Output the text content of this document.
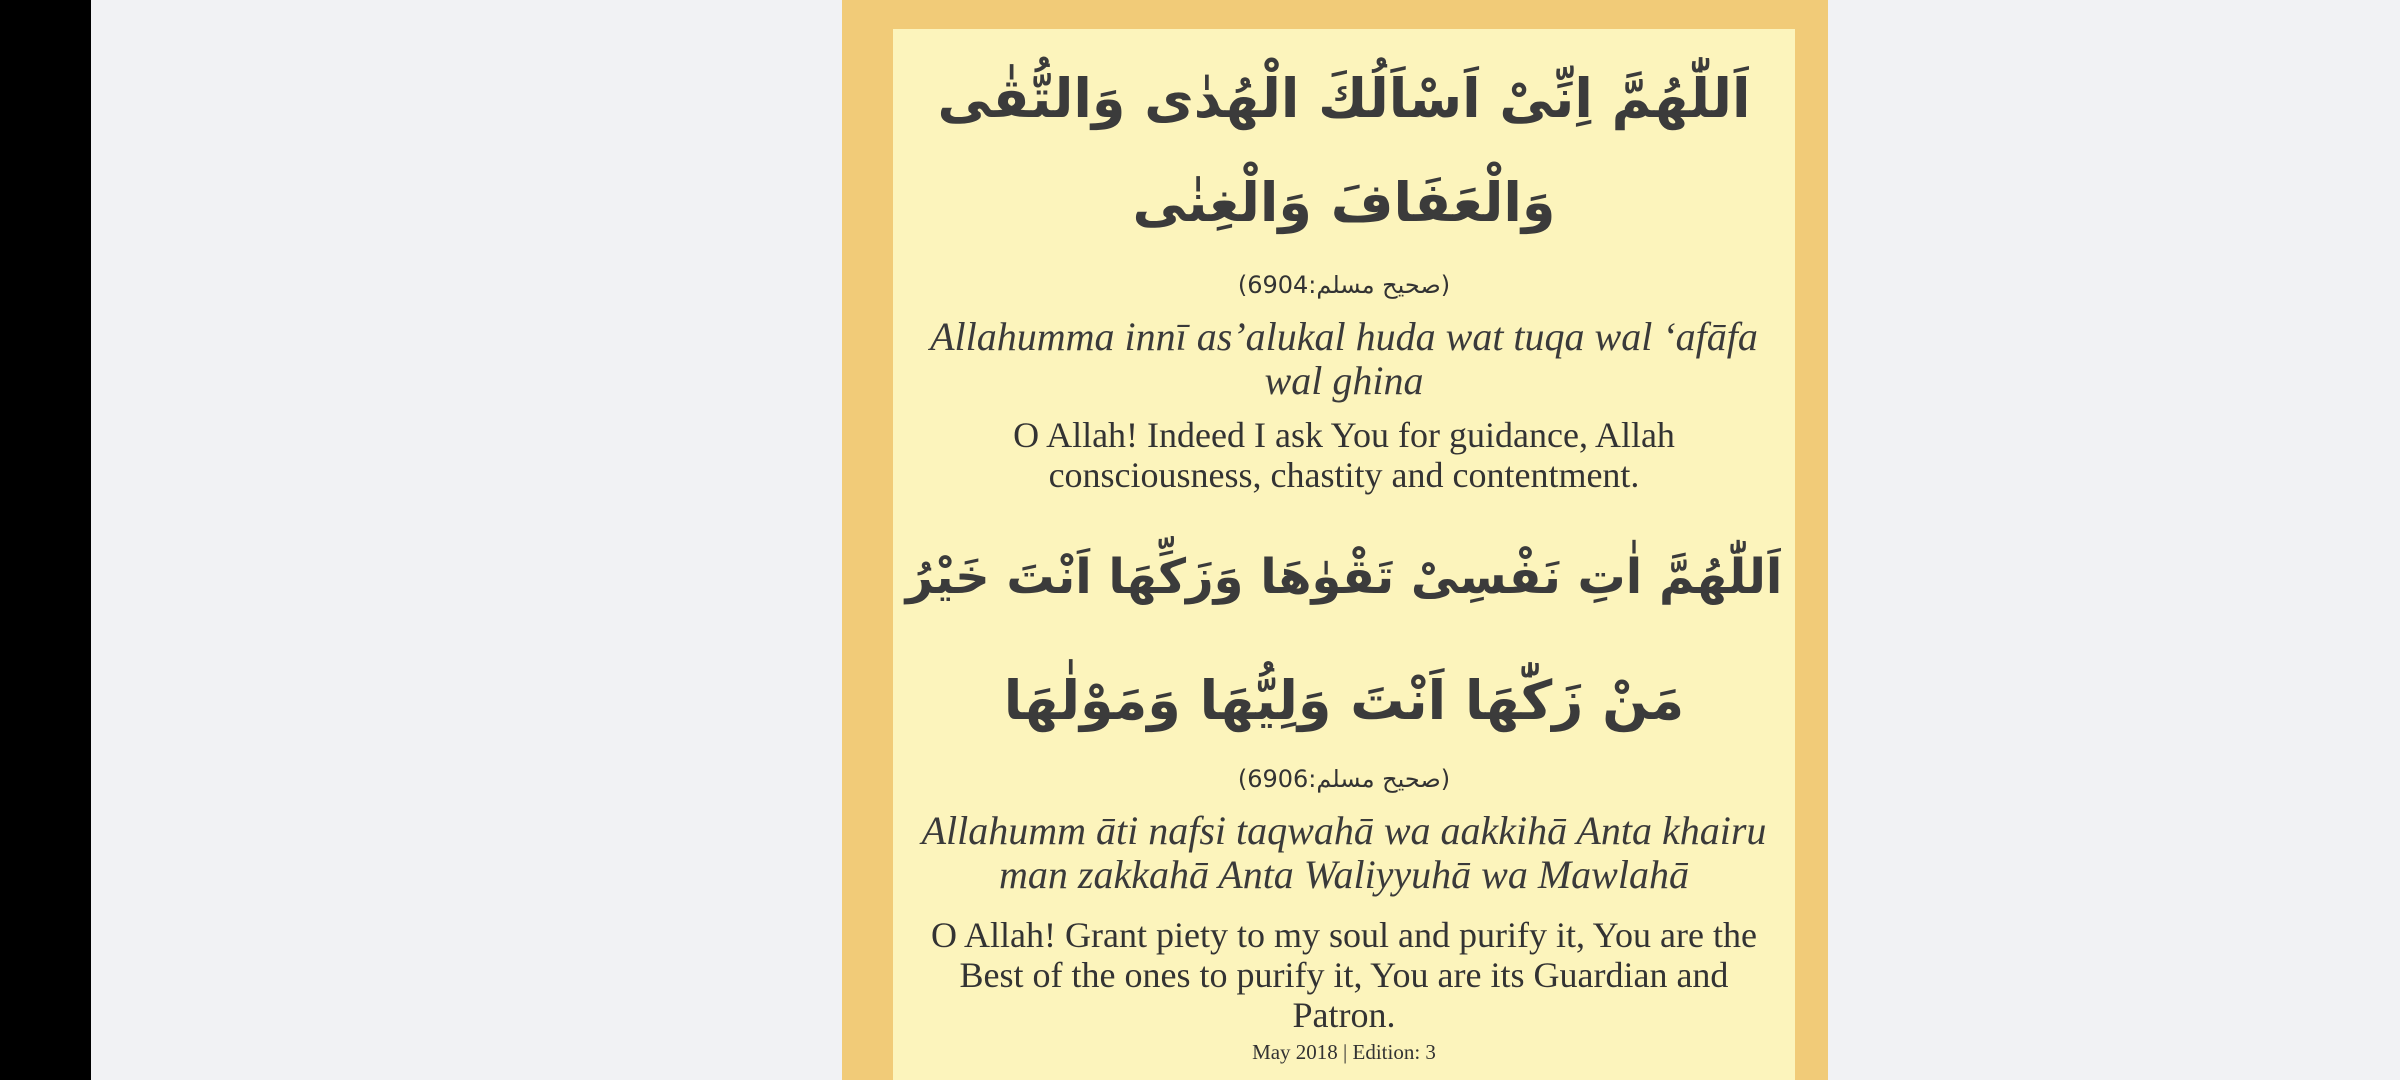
اَللّٰهُمَّ اِنِّىْ اَسْاَلُكَ الْهُدٰى وَالتُّقٰى
وَالْعَفَافَ وَالْغِنٰى
(صحيح مسلم:6904)
Allahumma innī as’alukal huda wat tuqa wal ‘afāfa wal ghina
O Allah! Indeed I ask You for guidance, Allah consciousness, chastity and contentment.
اَللّٰهُمَّ اٰتِ نَفْسِىْ تَقْوٰهَا وَزَكِّهَا اَنْتَ خَيْرُ
مَنْ زَكّٰهَا اَنْتَ وَلِيُّهَا وَمَوْلٰهَا
(صحيح مسلم:6906)
Allahumm āti nafsi taqwahā wa aakkihā Anta khairu man zakkahā Anta Waliyyuhā wa Mawlahā
O Allah! Grant piety to my soul and purify it, You are the Best of the ones to purify it, You are its Guardian and Patron.
May 2018 | Edition: 3
